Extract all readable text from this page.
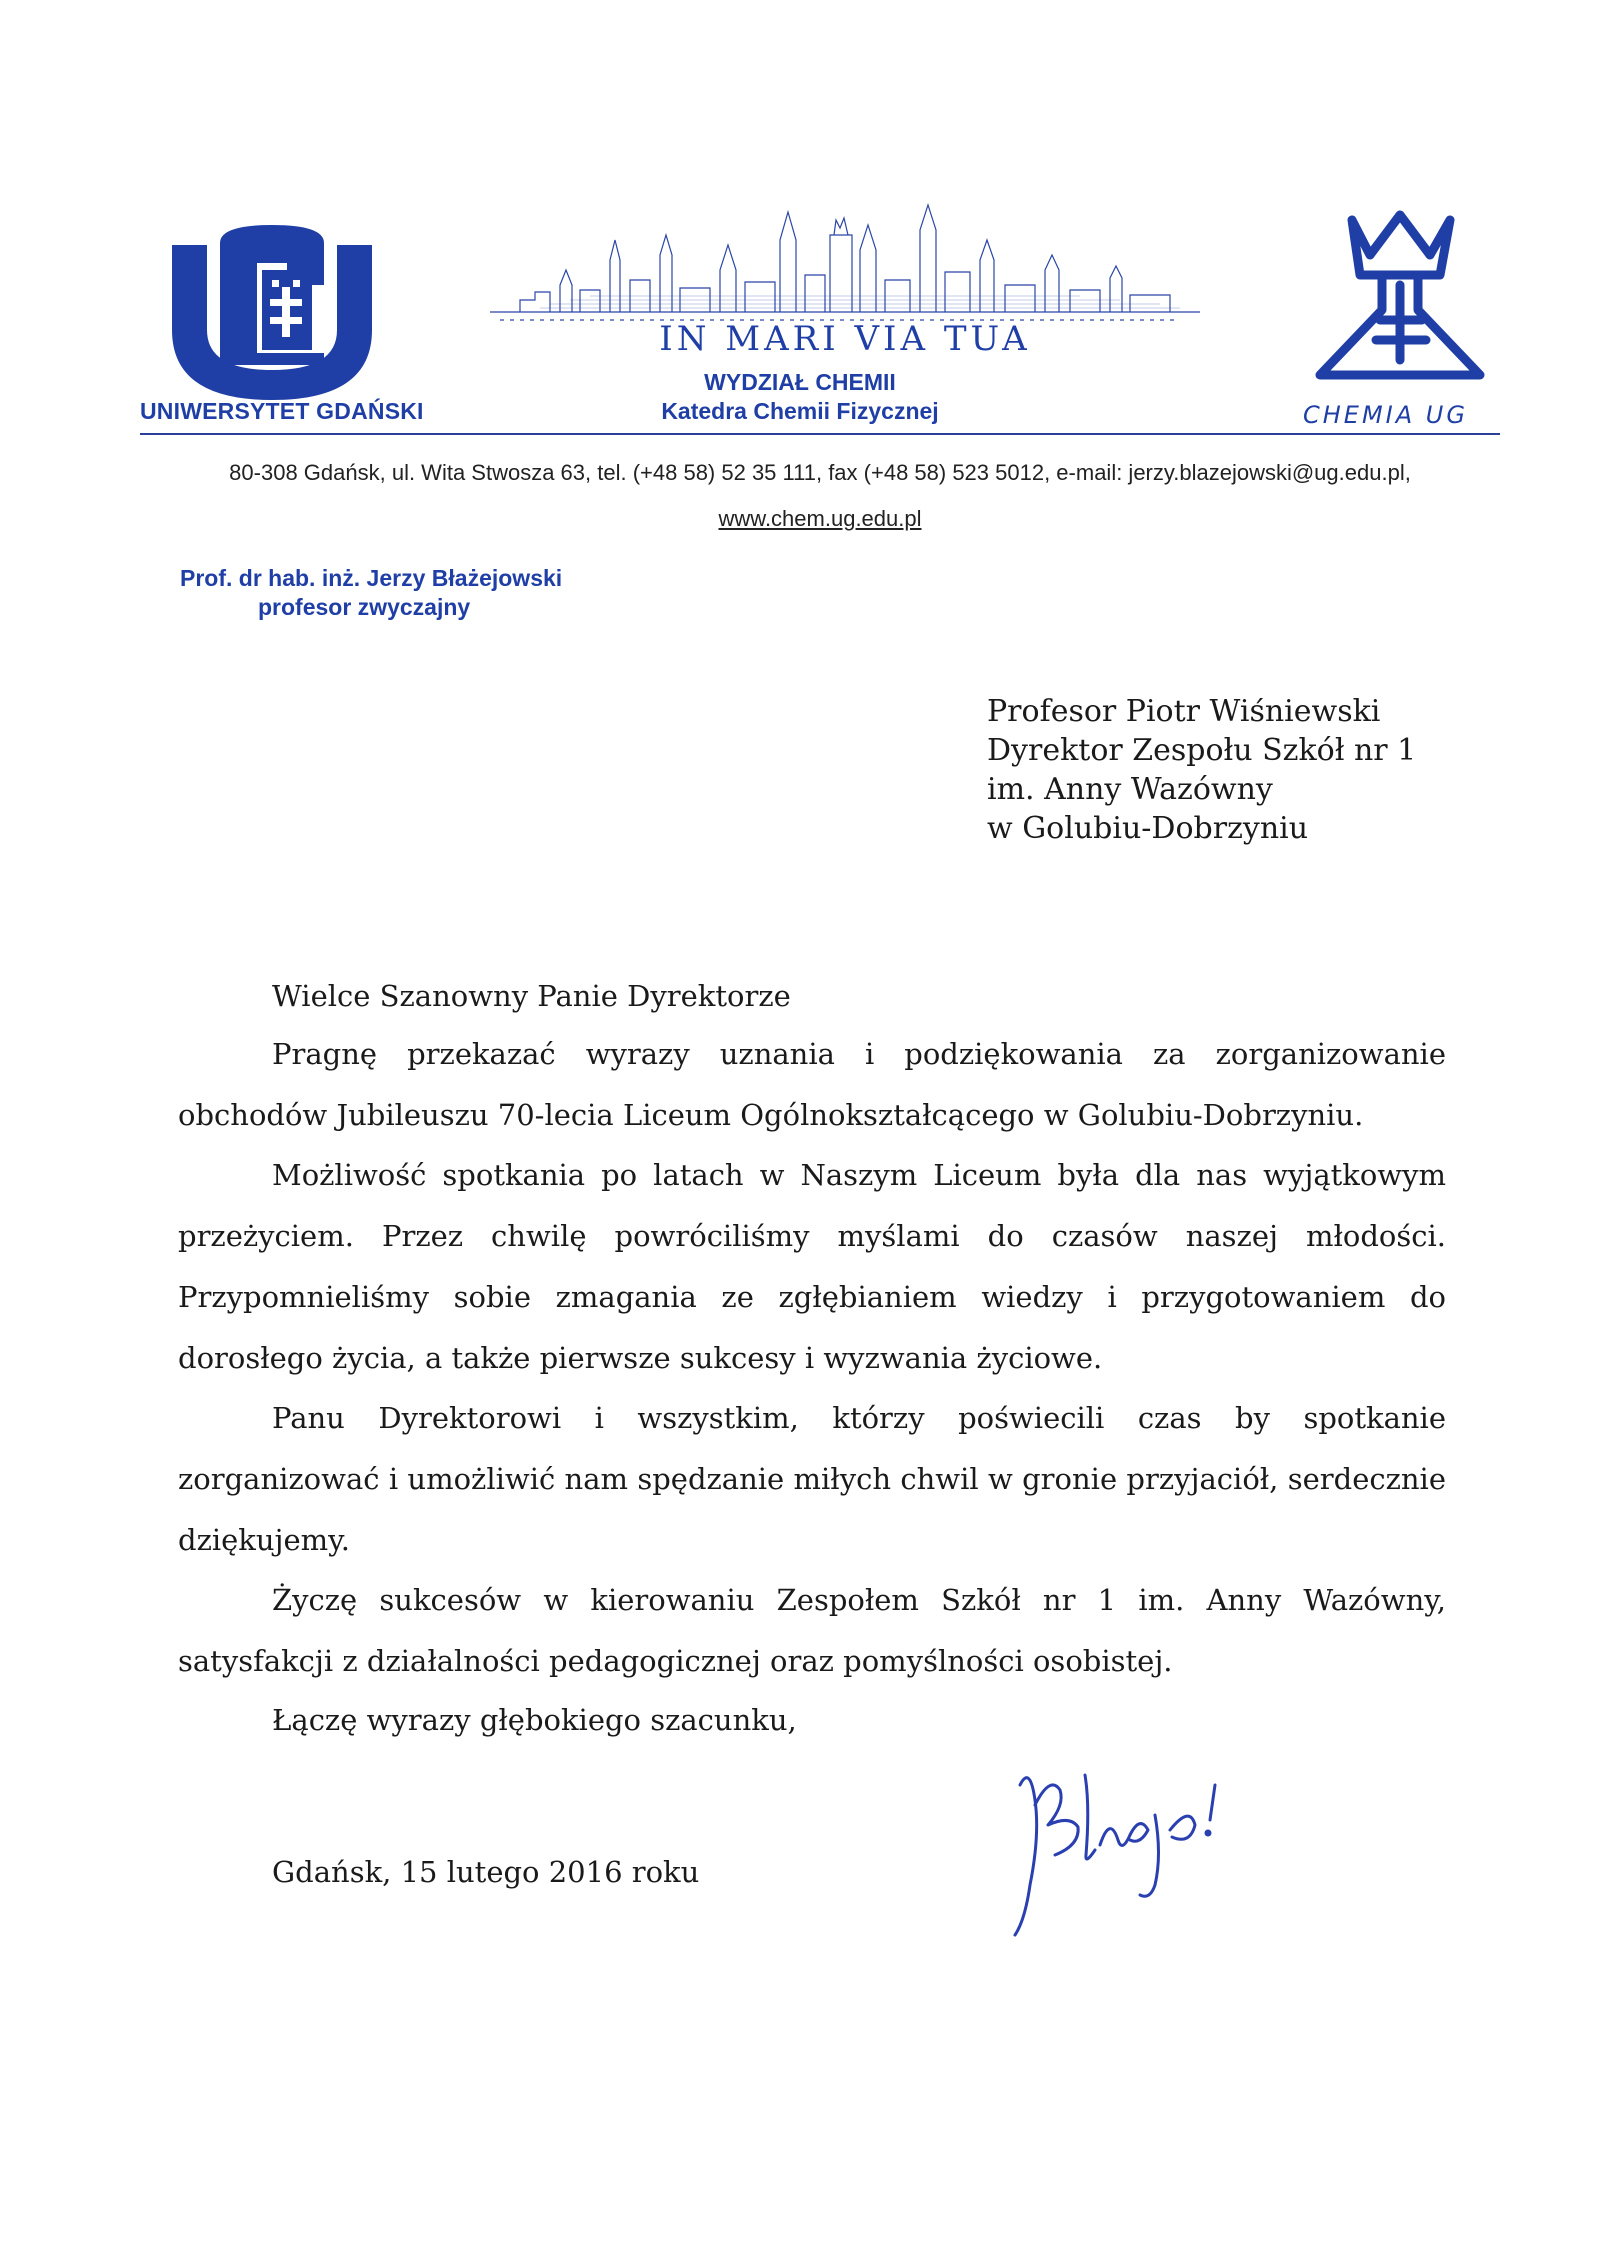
UNIWERSYTET GDAŃSKI
IN MARI VIA TUA
WYDZIAŁ CHEMII
Katedra Chemii Fizycznej	CHEMIA UG
80-308 Gdańsk, ul. Wita Stwosza 63, tel. (+48 58) 52 35 111, fax (+48 58) 523 5012, e-mail: jerzy.blazejowski@ug.edu.pl,
www.chem.ug.edu.pl
Prof. dr hab. inż. Jerzy Błażejowski
profesor zwyczajny
Profesor Piotr Wiśniewski
Dyrektor Zespołu Szkół nr 1
im. Anny Wazówny
w Golubiu-Dobrzyniu
Wielce Szanowny Panie Dyrektorze
Pragnę przekazać wyrazy uznania i podziękowania za zorganizowanie obchodów Jubileuszu 70-lecia Liceum Ogólnokształcącego w Golubiu-Dobrzyniu.
Możliwość spotkania po latach w Naszym Liceum była dla nas wyjątkowym przeżyciem. Przez chwilę powróciliśmy myślami do czasów naszej młodości. Przypomnieliśmy sobie zmagania ze zgłębianiem wiedzy i przygotowaniem do dorosłego życia, a także pierwsze sukcesy i wyzwania życiowe.
Panu Dyrektorowi i wszystkim, którzy poświecili czas by spotkanie zorganizować i umożliwić nam spędzanie miłych chwil w gronie przyjaciół, serdecznie dziękujemy.
Życzę sukcesów w kierowaniu Zespołem Szkół nr 1 im. Anny Wazówny, satysfakcji z działalności pedagogicznej oraz pomyślności osobistej.
Łączę wyrazy głębokiego szacunku,
Gdańsk, 15 lutego 2016 roku
